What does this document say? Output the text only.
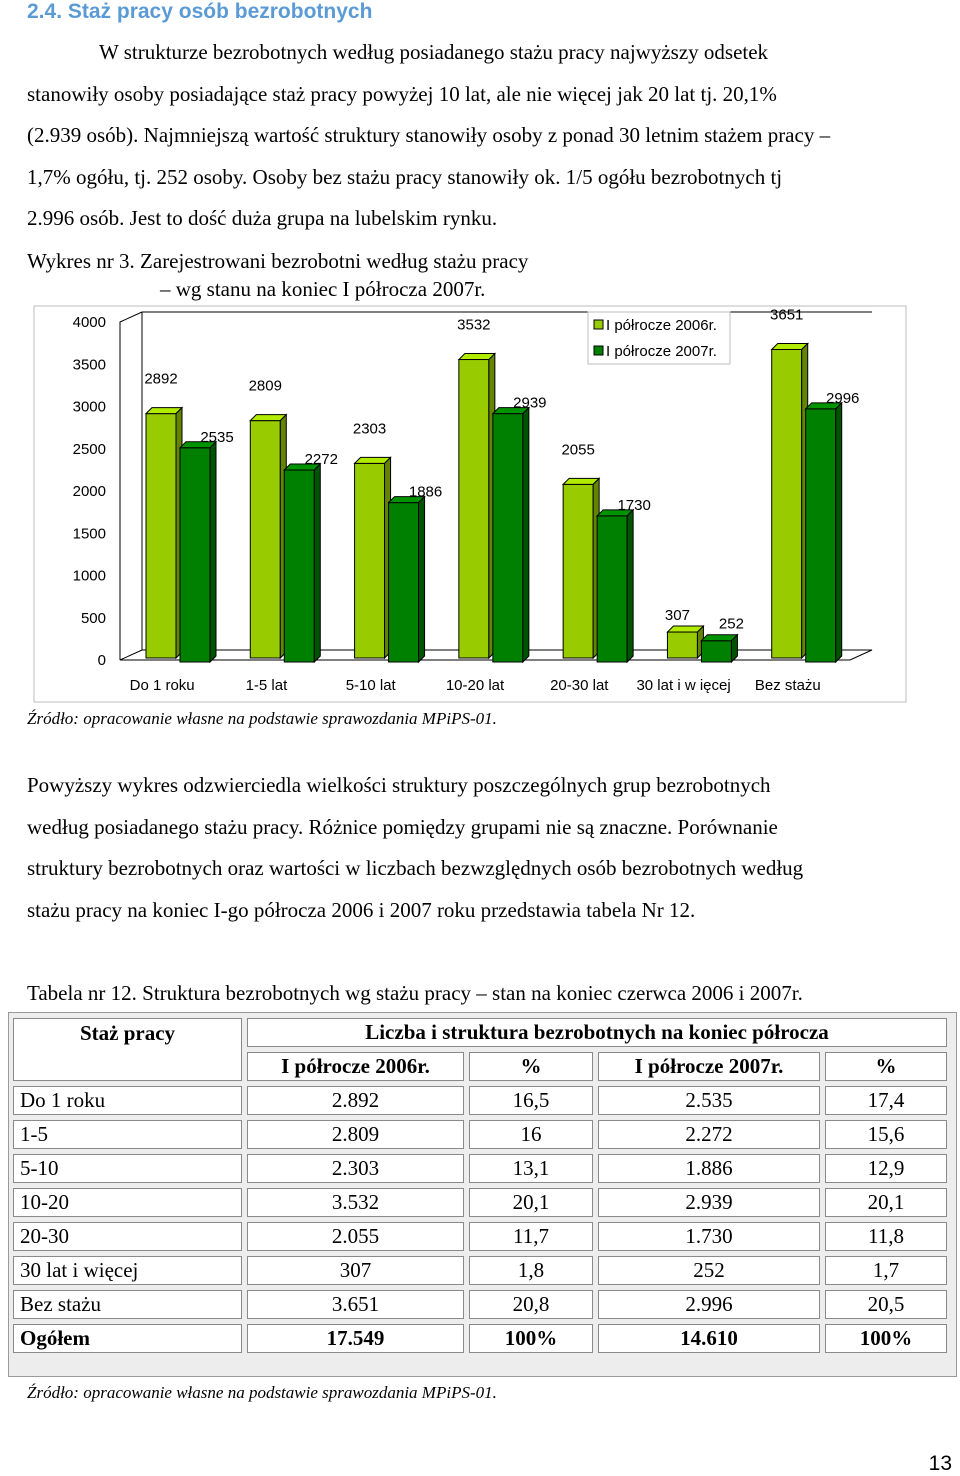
2.4. Staż pracy osób bezrobotnych
W strukturze bezrobotnych według posiadanego stażu pracy najwyższy odsetek
stanowiły osoby posiadające staż pracy powyżej 10 lat, ale nie więcej jak 20 lat tj. 20,1%
(2.939 osób). Najmniejszą wartość struktury stanowiły osoby z ponad 30 letnim stażem pracy –
1,7% ogółu, tj. 252 osoby. Osoby bez stażu pracy stanowiły ok. 1/5 ogółu bezrobotnych tj
2.996 osób. Jest to dość duża grupa na lubelskim rynku.
Wykres nr 3. Zarejestrowani bezrobotni według stażu pracy
– wg stanu na koniec I półrocza 2007r.
0
500
1000
1500
2000
2500
3000
3500
4000
2892
2535
Do 1 roku
2809
2272
1-5 lat
2303
1886
5-10 lat
3532
2939
10-20 lat
2055
1730
20-30 lat
307
252
30 lat i w ięcej
3651
2996
Bez stażu
I półrocze 2006r.
I półrocze 2007r.
Źródło: opracowanie własne na podstawie sprawozdania MPiPS-01.
Powyższy wykres odzwierciedla wielkości struktury poszczególnych grup bezrobotnych
według posiadanego stażu pracy. Różnice pomiędzy grupami nie są znaczne. Porównanie
struktury bezrobotnych oraz wartości w liczbach bezwzględnych osób bezrobotnych według
stażu pracy na koniec I-go półrocza 2006 i 2007 roku przedstawia tabela Nr 12.
Tabela nr 12. Struktura bezrobotnych wg stażu pracy – stan na koniec czerwca 2006 i 2007r.
Staż pracy	Liczba i struktura bezrobotnych na koniec półrocza			
	I półrocze 2006r.	%	I półrocze 2007r.	%
Do 1 roku	2.892	16,5	2.535	17,4
1-5	2.809	16	2.272	15,6
5-10	2.303	13,1	1.886	12,9
10-20	3.532	20,1	2.939	20,1
20-30	2.055	11,7	1.730	11,8
30 lat i więcej	307	1,8	252	1,7
Bez stażu	3.651	20,8	2.996	20,5
Ogółem	17.549	100%	14.610	100%
Źródło: opracowanie własne na podstawie sprawozdania MPiPS-01.
13
